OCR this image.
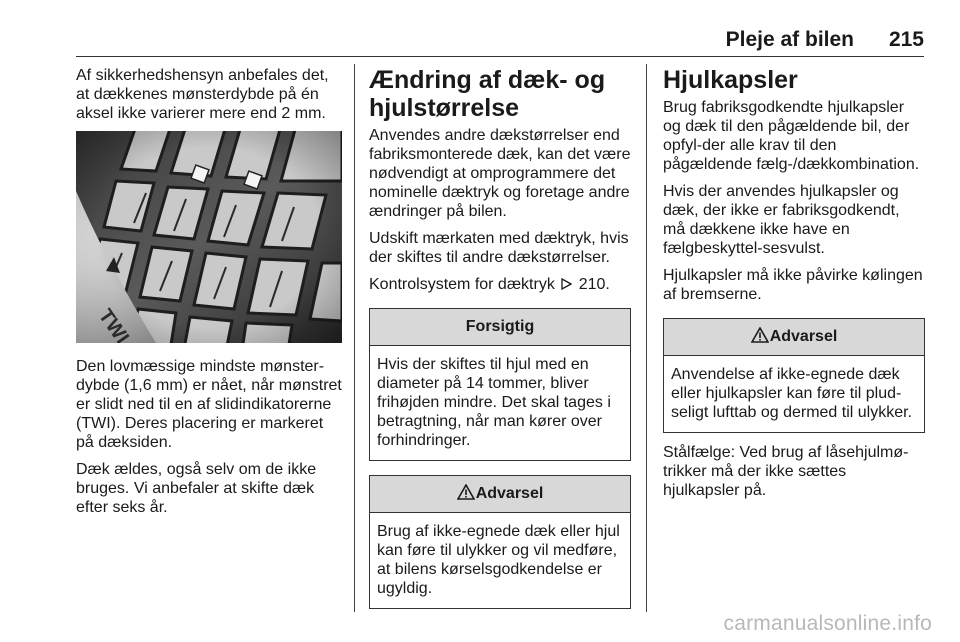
Pleje af bilen 215

Af sikkerhedshensyn anbefales det, at dækkenes mønsterdybde på én aksel ikke varierer mere end 2 mm.

Den lovmæssige mindste mønster-dybde (1,6 mm) er nået, når mønstret er slidt ned til en af slidindikatorerne (TWI). Deres placering er markeret på dæksiden.

Dæk ældes, også selv om de ikke bruges. Vi anbefaler at skifte dæk efter seks år.

Ændring af dæk- og hjulstørrelse

Anvendes andre dækstørrelser end fabriksmonterede dæk, kan det være nødvendigt at omprogrammere det nominelle dæktryk og foretage andre ændringer på bilen.

Udskift mærkaten med dæktryk, hvis der skiftes til andre dækstørrelser.

Kontrolsystem for dæktryk 210.

Forsigtig
Hvis der skiftes til hjul med en diameter på 14 tommer, bliver frihøjden mindre. Det skal tages i betragtning, når man kører over forhindringer.
Advarsel
Brug af ikke-egnede dæk eller hjul kan føre til ulykker og vil medføre, at bilens kørselsgodkendelse er ugyldig.
Hjulkapsler

Brug fabriksgodkendte hjulkapsler og dæk til den pågældende bil, der opfyl-der alle krav til den pågældende fælg-/dækkombination.

Hvis der anvendes hjulkapsler og dæk, der ikke er fabriksgodkendt, må dækkene ikke have en fælgbeskyttel-sesvulst.

Hjulkapsler må ikke påvirke kølingen af bremserne.

Advarsel
Anvendelse af ikke-egnede dæk eller hjulkapsler kan føre til plud-seligt lufttab og dermed til ulykker.

Stålfælge: Ved brug af låsehjulmø-trikker må der ikke sættes hjulkapsler på.

carmanualsonline.info
